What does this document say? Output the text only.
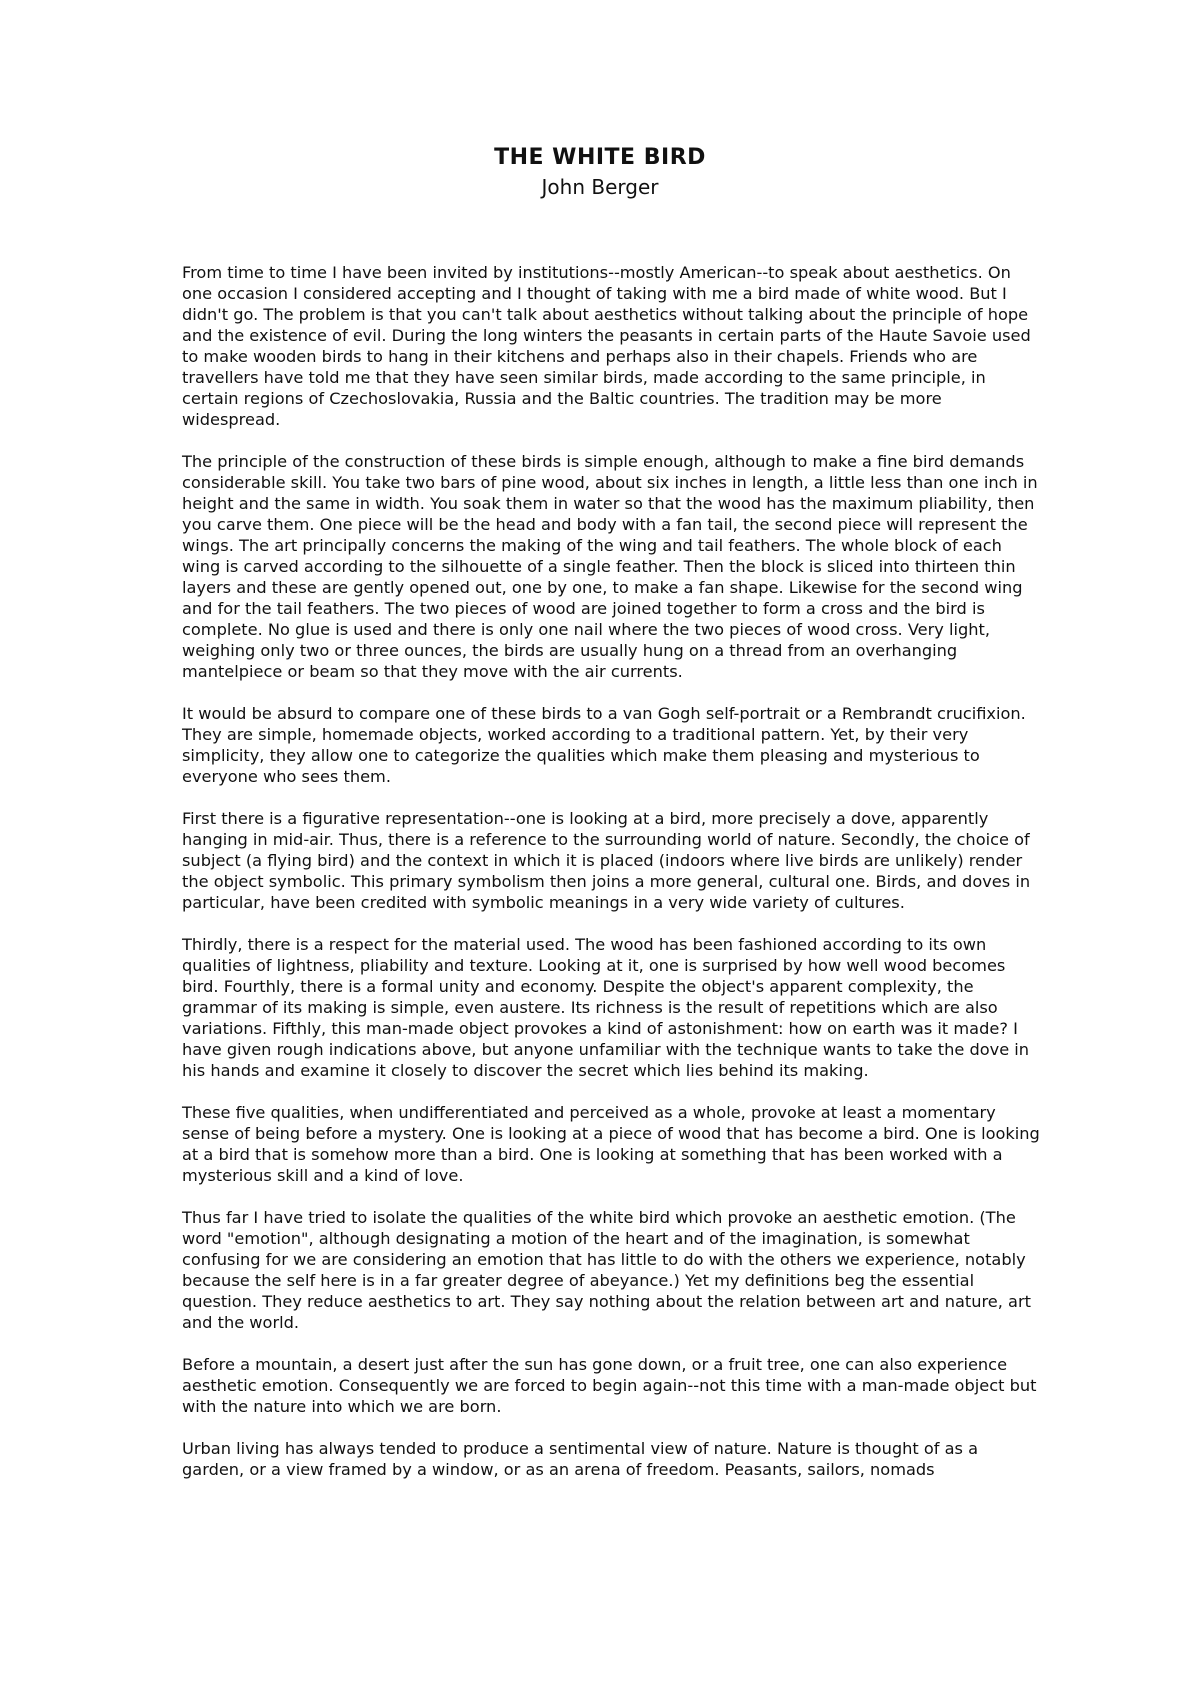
THE WHITE BIRD
John Berger

From time to time I have been invited by institutions--mostly American--to speak about aesthetics. On one occasion I considered accepting and I thought of taking with me a bird made of white wood. But I didn't go. The problem is that you can't talk about aesthetics without talking about the principle of hope and the existence of evil. During the long winters the peasants in certain parts of the Haute Savoie used to make wooden birds to hang in their kitchens and perhaps also in their chapels. Friends who are travellers have told me that they have seen similar birds, made according to the same principle, in certain regions of Czechoslovakia, Russia and the Baltic countries. The tradition may be more widespread.

The principle of the construction of these birds is simple enough, although to make a fine bird demands considerable skill. You take two bars of pine wood, about six inches in length, a little less than one inch in height and the same in width. You soak them in water so that the wood has the maximum pliability, then you carve them. One piece will be the head and body with a fan tail, the second piece will represent the wings. The art principally concerns the making of the wing and tail feathers. The whole block of each wing is carved according to the silhouette of a single feather. Then the block is sliced into thirteen thin layers and these are gently opened out, one by one, to make a fan shape. Likewise for the second wing and for the tail feathers. The two pieces of wood are joined together to form a cross and the bird is complete. No glue is used and there is only one nail where the two pieces of wood cross. Very light, weighing only two or three ounces, the birds are usually hung on a thread from an overhanging mantelpiece or beam so that they move with the air currents.

It would be absurd to compare one of these birds to a van Gogh self-portrait or a Rembrandt crucifixion. They are simple, homemade objects, worked according to a traditional pattern. Yet, by their very simplicity, they allow one to categorize the qualities which make them pleasing and mysterious to everyone who sees them.

First there is a figurative representation--one is looking at a bird, more precisely a dove, apparently hanging in mid-air. Thus, there is a reference to the surrounding world of nature. Secondly, the choice of subject (a flying bird) and the context in which it is placed (indoors where live birds are unlikely) render the object symbolic. This primary symbolism then joins a more general, cultural one. Birds, and doves in particular, have been credited with symbolic meanings in a very wide variety of cultures.

Thirdly, there is a respect for the material used. The wood has been fashioned according to its own qualities of lightness, pliability and texture. Looking at it, one is surprised by how well wood becomes bird. Fourthly, there is a formal unity and economy. Despite the object's apparent complexity, the grammar of its making is simple, even austere. Its richness is the result of repetitions which are also variations. Fifthly, this man-made object provokes a kind of astonishment: how on earth was it made? I have given rough indications above, but anyone unfamiliar with the technique wants to take the dove in his hands and examine it closely to discover the secret which lies behind its making.

These five qualities, when undifferentiated and perceived as a whole, provoke at least a momentary sense of being before a mystery. One is looking at a piece of wood that has become a bird. One is looking at a bird that is somehow more than a bird. One is looking at something that has been worked with a mysterious skill and a kind of love.

Thus far I have tried to isolate the qualities of the white bird which provoke an aesthetic emotion. (The word "emotion", although designating a motion of the heart and of the imagination, is somewhat confusing for we are considering an emotion that has little to do with the others we experience, notably because the self here is in a far greater degree of abeyance.) Yet my definitions beg the essential question. They reduce aesthetics to art. They say nothing about the relation between art and nature, art and the world.

Before a mountain, a desert just after the sun has gone down, or a fruit tree, one can also experience aesthetic emotion. Consequently we are forced to begin again--not this time with a man-made object but with the nature into which we are born.

Urban living has always tended to produce a sentimental view of nature. Nature is thought of as a garden, or a view framed by a window, or as an arena of freedom. Peasants, sailors, nomads
